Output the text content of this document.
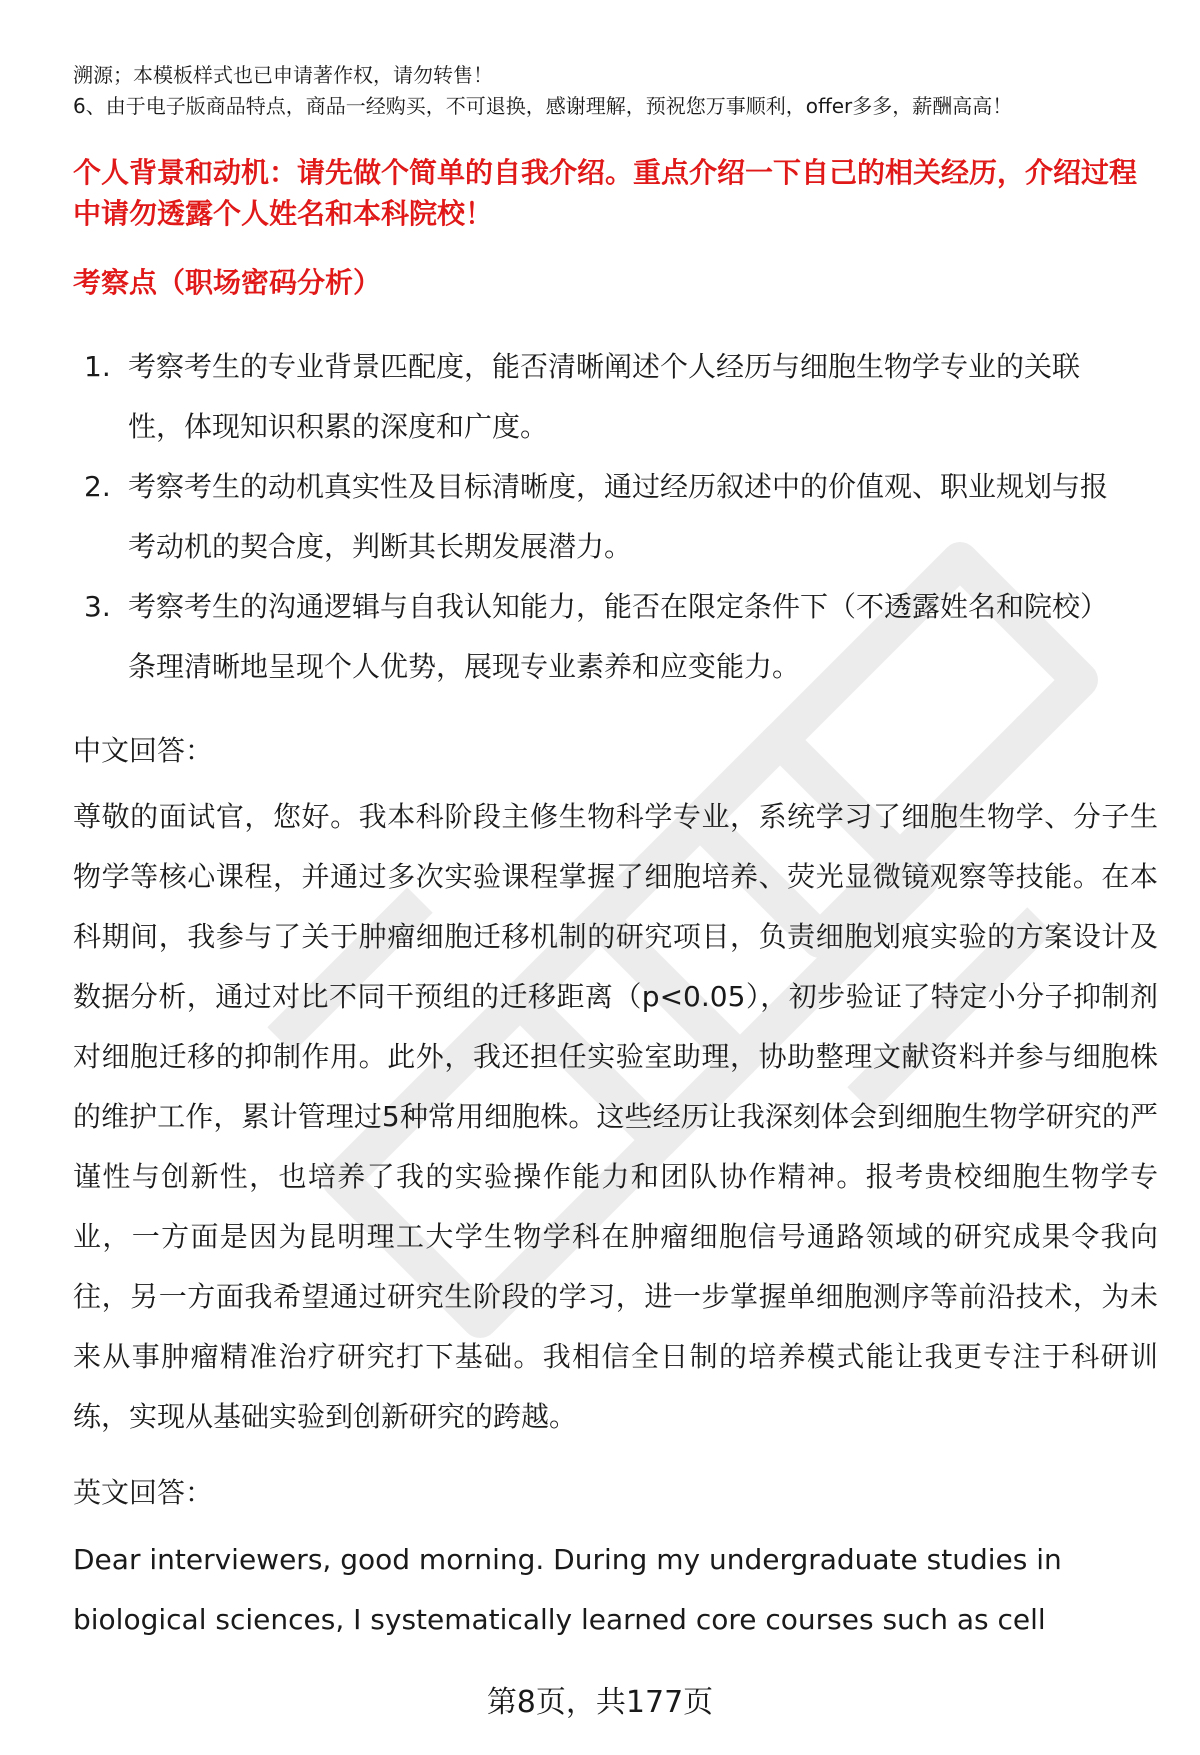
溯源；本模板样式也已申请著作权，请勿转售！
6、由于电子版商品特点，商品一经购买，不可退换，感谢理解，预祝您万事顺利，offer多多，薪酬高高！
个人背景和动机：请先做个简单的自我介绍。重点介绍一下自己的相关经历，介绍过程中请勿透露个人姓名和本科院校！
考察点（职场密码分析）
1. 考察考生的专业背景匹配度，能否清晰阐述个人经历与细胞生物学专业的关联性，体现知识积累的深度和广度。
2. 考察考生的动机真实性及目标清晰度，通过经历叙述中的价值观、职业规划与报考动机的契合度，判断其长期发展潜力。
3. 考察考生的沟通逻辑与自我认知能力，能否在限定条件下（不透露姓名和院校）条理清晰地呈现个人优势，展现专业素养和应变能力。
中文回答：
尊敬的面试官，您好。我本科阶段主修生物科学专业，系统学习了细胞生物学、分子生物学等核心课程，并通过多次实验课程掌握了细胞培养、荧光显微镜观察等技能。在本科期间，我参与了关于肿瘤细胞迁移机制的研究项目，负责细胞划痕实验的方案设计及数据分析，通过对比不同干预组的迁移距离（p<0.05），初步验证了特定小分子抑制剂对细胞迁移的抑制作用。此外，我还担任实验室助理，协助整理文献资料并参与细胞株的维护工作，累计管理过5种常用细胞株。这些经历让我深刻体会到细胞生物学研究的严谨性与创新性，也培养了我的实验操作能力和团队协作精神。报考贵校细胞生物学专业，一方面是因为昆明理工大学生物学科在肿瘤细胞信号通路领域的研究成果令我向往，另一方面我希望通过研究生阶段的学习，进一步掌握单细胞测序等前沿技术，为未来从事肿瘤精准治疗研究打下基础。我相信全日制的培养模式能让我更专注于科研训练，实现从基础实验到创新研究的跨越。
英文回答：
Dear interviewers, good morning. During my undergraduate studies in biological sciences, I systematically learned core courses such as cell
第8页，共177页
